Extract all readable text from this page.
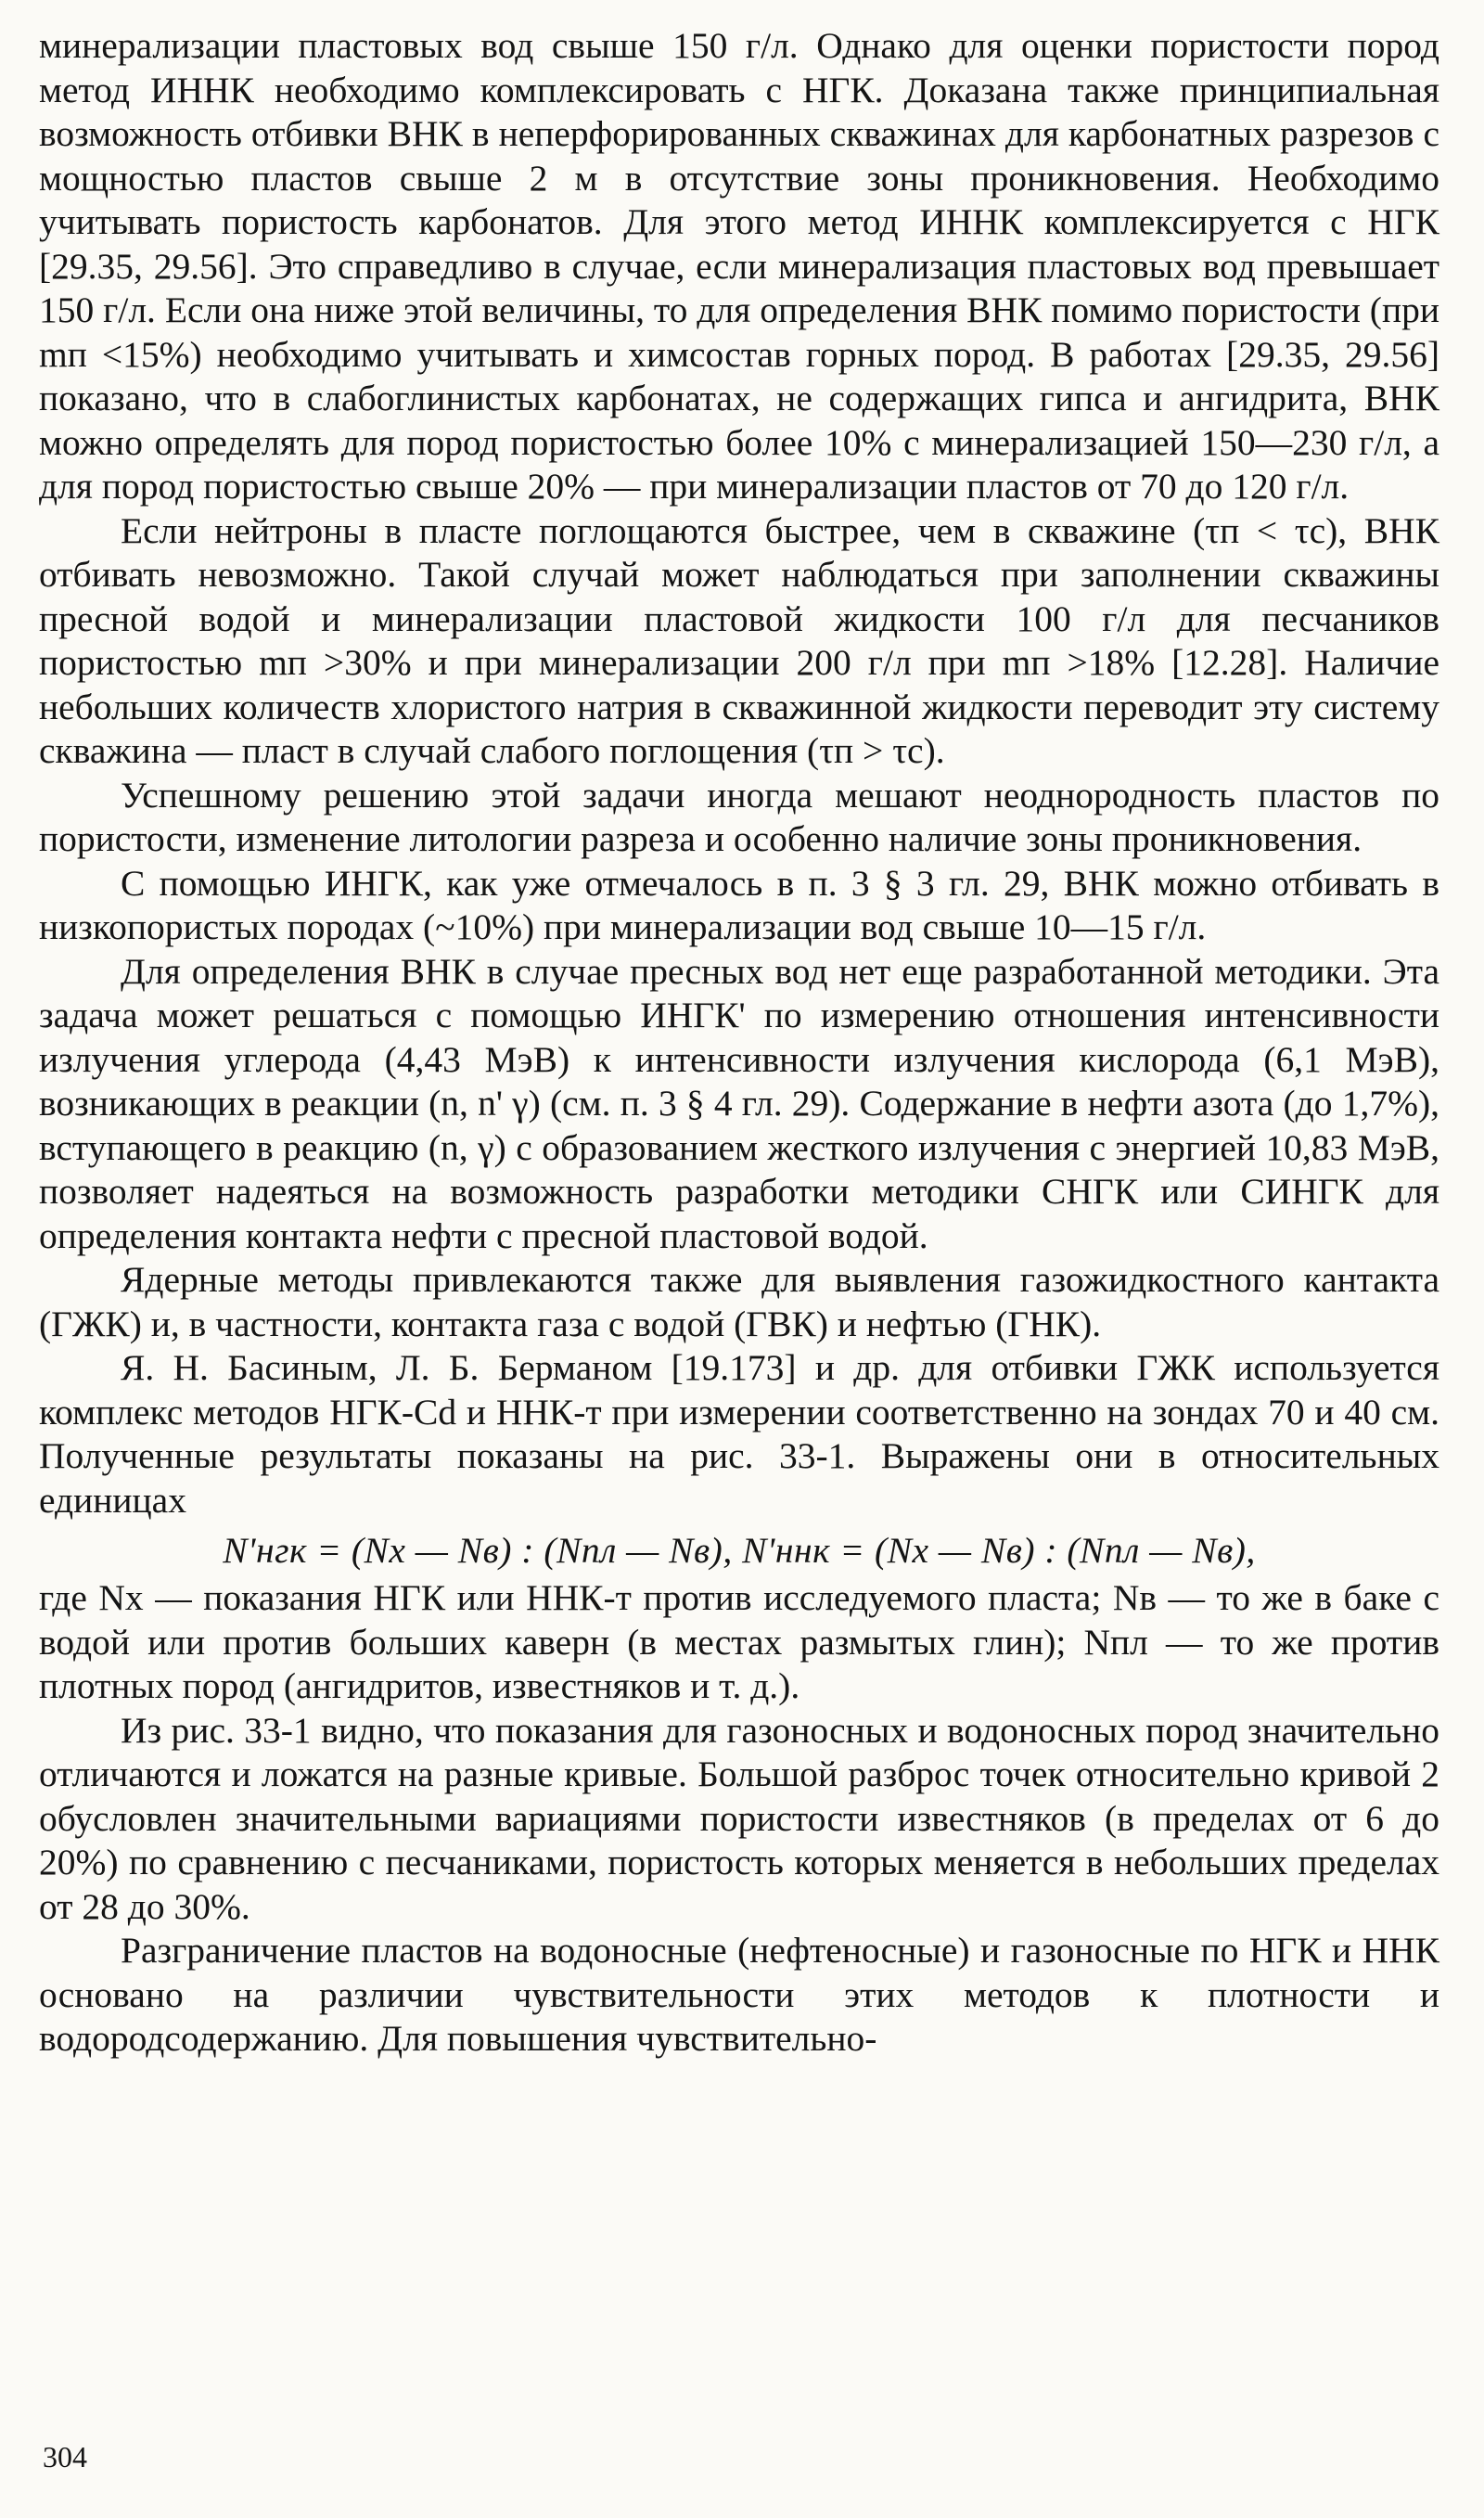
минерализации пластовых вод свыше 150 г/л. Однако для оценки пористости пород метод ИННК необходимо комплексировать с НГК. Доказана также принципиальная возможность отбивки ВНК в неперфорированных скважинах для карбонатных разрезов с мощностью пластов свыше 2 м в отсутствие зоны проникновения. Необходимо учитывать пористость карбонатов. Для этого метод ИННК комплексируется с НГК [29.35, 29.56]. Это справедливо в случае, если минерализация пластовых вод превышает 150 г/л. Если она ниже этой величины, то для определения ВНК помимо пористости (при mп <15%) необходимо учитывать и химсостав горных пород. В работах [29.35, 29.56] показано, что в слабоглинистых карбонатах, не содержащих гипса и ангидрита, ВНК можно определять для пород пористостью более 10% с минерализацией 150—230 г/л, а для пород пористостью свыше 20% — при минерализации пластов от 70 до 120 г/л.

Если нейтроны в пласте поглощаются быстрее, чем в скважине (τп < τс), ВНК отбивать невозможно. Такой случай может наблюдаться при заполнении скважины пресной водой и минерализации пластовой жидкости 100 г/л для песчаников пористостью mп >30% и при минерализации 200 г/л при mп >18% [12.28]. Наличие небольших количеств хлористого натрия в скважинной жидкости переводит эту систему скважина — пласт в случай слабого поглощения (τп > τс).

Успешному решению этой задачи иногда мешают неоднородность пластов по пористости, изменение литологии разреза и особенно наличие зоны проникновения.

С помощью ИНГК, как уже отмечалось в п. 3 § 3 гл. 29, ВНК можно отбивать в низкопористых породах (~10%) при минерализации вод свыше 10—15 г/л.

Для определения ВНК в случае пресных вод нет еще разработанной методики. Эта задача может решаться с помощью ИНГК' по измерению отношения интенсивности излучения углерода (4,43 МэВ) к интенсивности излучения кислорода (6,1 МэВ), возникающих в реакции (n, n' γ) (см. п. 3 § 4 гл. 29). Содержание в нефти азота (до 1,7%), вступающего в реакцию (n, γ) с образованием жесткого излучения с энергией 10,83 МэВ, позволяет надеяться на возможность разработки методики СНГК или СИНГК для определения контакта нефти с пресной пластовой водой.

Ядерные методы привлекаются также для выявления газожидкостного кантакта (ГЖК) и, в частности, контакта газа с водой (ГВК) и нефтью (ГНК).

Я. Н. Басиным, Л. Б. Берманом [19.173] и др. для отбивки ГЖК используется комплекс методов НГК-Cd и ННК-т при измерении соответственно на зондах 70 и 40 см. Полученные результаты показаны на рис. 33-1. Выражены они в относительных единицах

N'нгк = (Nx — Nв) : (Nпл — Nв), N'ннк = (Nx — Nв) : (Nпл — Nв),

где Nx — показания НГК или ННК-т против исследуемого пласта; Nв — то же в баке с водой или против больших каверн (в местах размытых глин); Nпл — то же против плотных пород (ангидритов, известняков и т. д.).

Из рис. 33-1 видно, что показания для газоносных и водоносных пород значительно отличаются и ложатся на разные кривые. Большой разброс точек относительно кривой 2 обусловлен значительными вариациями пористости известняков (в пределах от 6 до 20%) по сравнению с песчаниками, пористость которых меняется в небольших пределах от 28 до 30%.

Разграничение пластов на водоносные (нефтеносные) и газоносные по НГК и ННК основано на различии чувствительности этих методов к плотности и водородсодержанию. Для повышения чувствительно-

304
